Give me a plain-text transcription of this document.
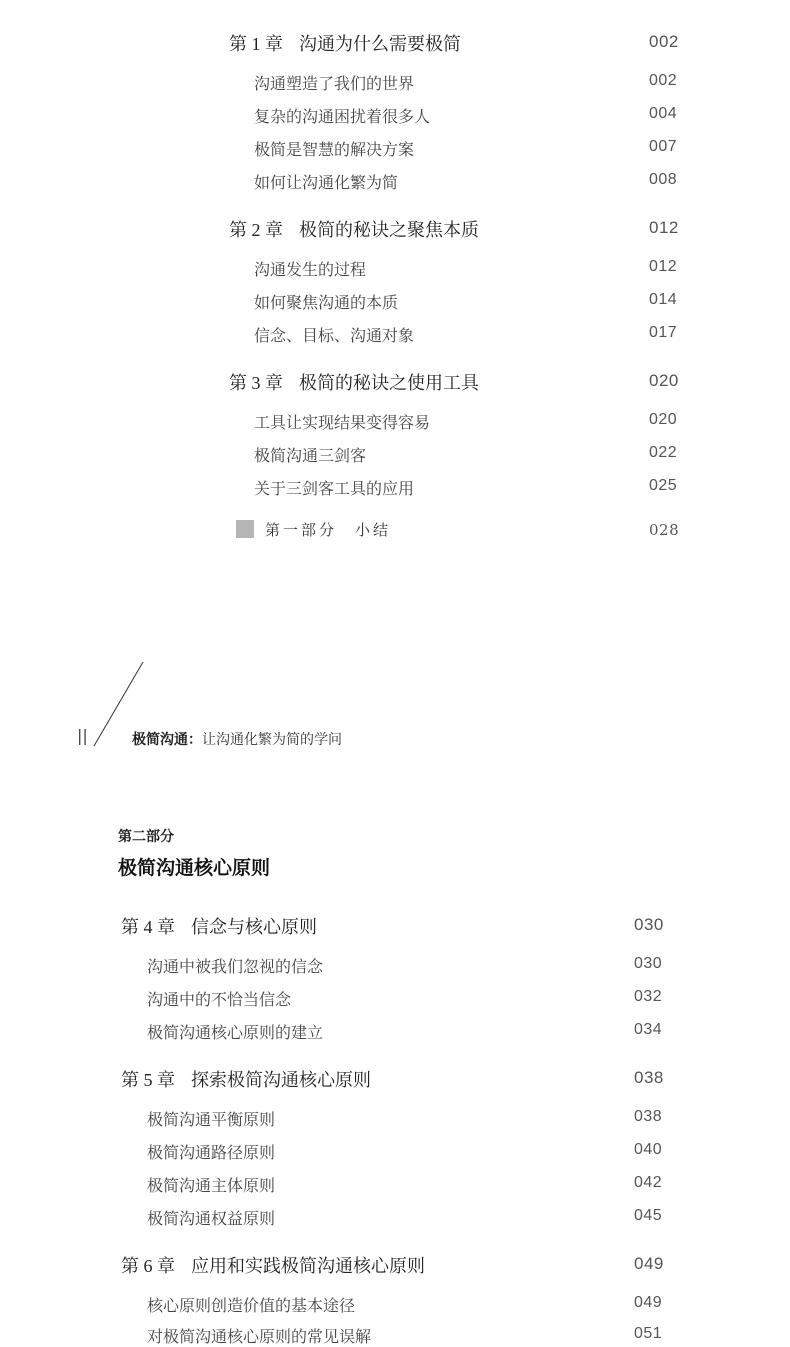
第 1 章 沟通为什么需要极简	002
沟通塑造了我们的世界	002
复杂的沟通困扰着很多人	004
极简是智慧的解决方案	007
如何让沟通化繁为简	008
第 2 章 极简的秘诀之聚焦本质	012
沟通发生的过程	012
如何聚焦沟通的本质	014
信念、目标、沟通对象	017
第 3 章 极简的秘诀之使用工具	020
工具让实现结果变得容易	020
极简沟通三剑客	022
关于三剑客工具的应用	025
第一部分　小结	028
||	极简沟通：让沟通化繁为简的学问
第二部分
极简沟通核心原则
第 4 章 信念与核心原则	030
沟通中被我们忽视的信念	030
沟通中的不恰当信念	032
极简沟通核心原则的建立	034
第 5 章 探索极简沟通核心原则	038
极简沟通平衡原则	038
极简沟通路径原则	040
极简沟通主体原则	042
极简沟通权益原则	045
第 6 章 应用和实践极简沟通核心原则	049
核心原则创造价值的基本途径	049
对极简沟通核心原则的常见误解	051
